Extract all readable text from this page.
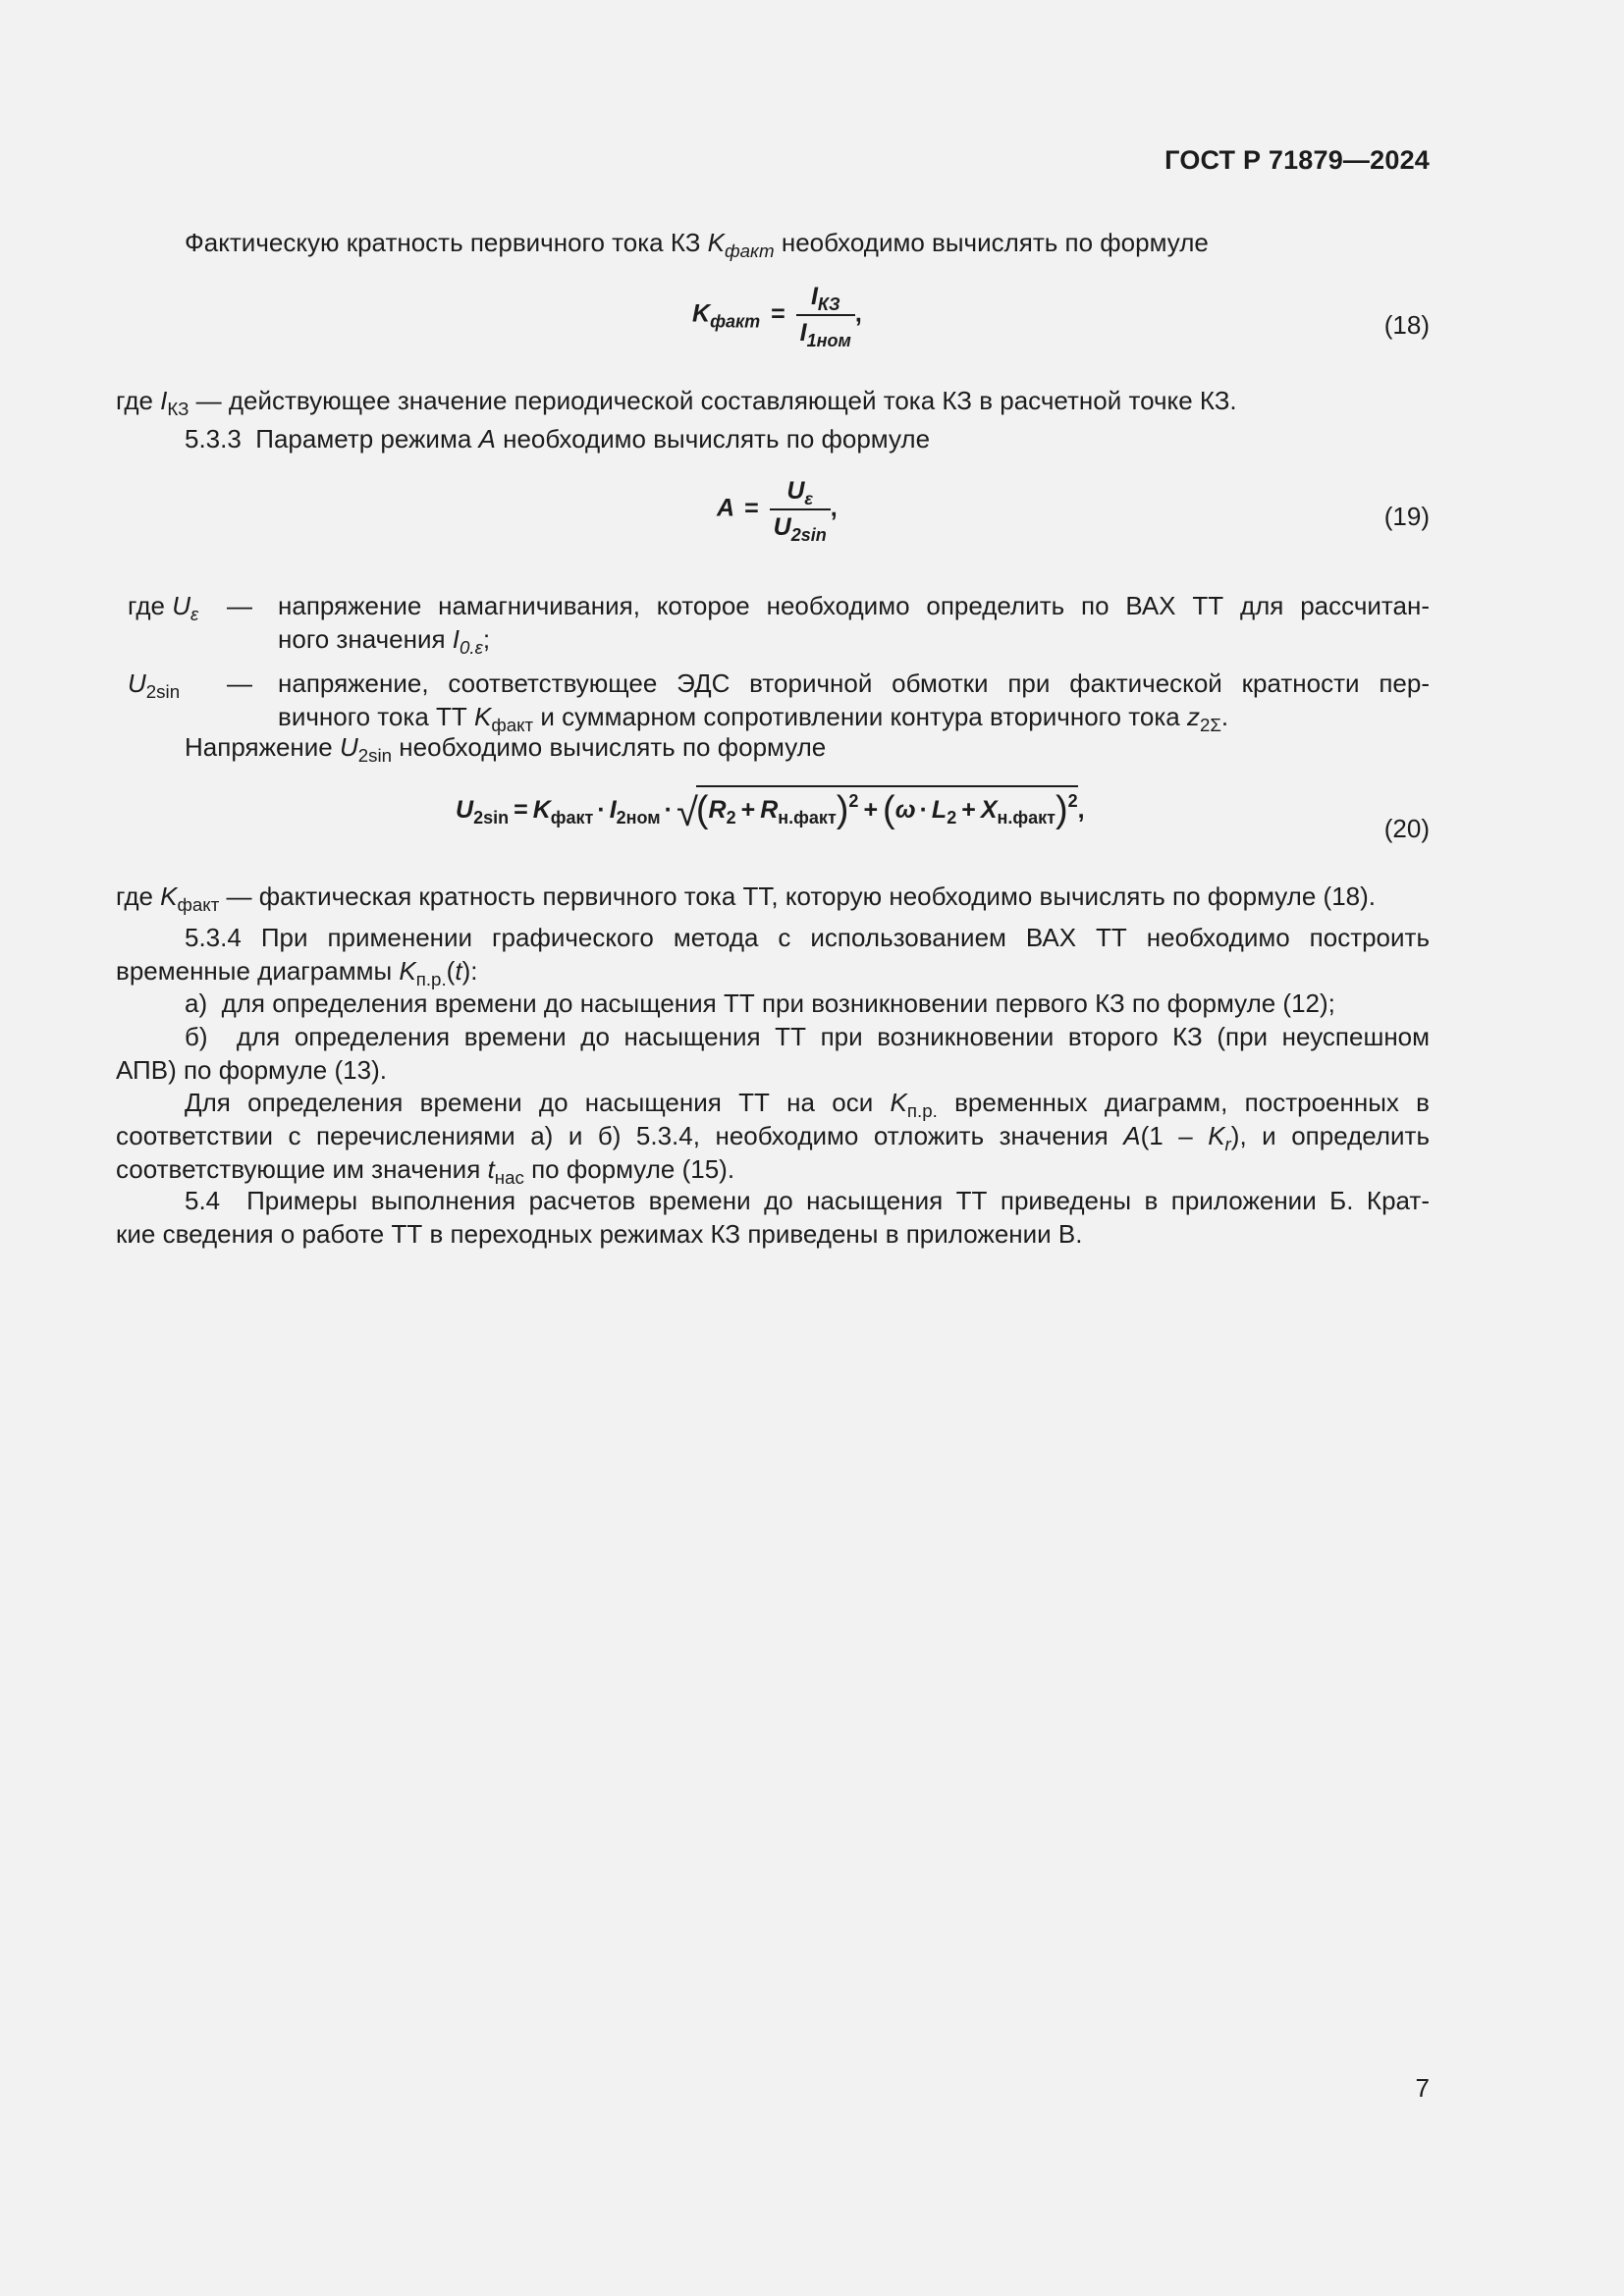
ГОСТ Р 71879—2024
Фактическую кратность первичного тока КЗ $K_{факт}$ необходимо вычислять по формуле
$K_{факт} = \frac{I_{КЗ}}{I_{1ном}}$ ,	(18)
где $I_{КЗ}$ — действующее значение периодической составляющей тока КЗ в расчетной точке КЗ.
5.3.3 Параметр режима A необходимо вычислять по формуле
$A = \frac{U_\varepsilon}{U_{2sin}}$ ,	(19)
где $U_\varepsilon$ — напряжение намагничивания, которое необходимо определить по ВАХ ТТ для рассчитан-
ного значения $I_{0.\varepsilon}$;
$U_{2sin}$ — напряжение, соответствующее ЭДС вторичной обмотки при фактической кратности пер-
вичного тока ТТ $K_{факт}$ и суммарном сопротивлении контура вторичного тока $z_{2\Sigma}$.
Напряжение $U_{2sin}$ необходимо вычислять по формуле
$U_{2sin} = K_{факт} \cdot I_{2ном} \cdot √(R_2 + R_{н.факт})^2 + (\omega \cdot L_2 + X_{н.факт})^2$,
(20)
где $K_{факт}$ — фактическая кратность первичного тока ТТ, которую необходимо вычислять по формуле (18).
5.3.4 При применении графического метода с использованием ВАХ ТТ необходимо построить
временные диаграммы $K_{п.р.}(t)$:
а) для определения времени до насыщения ТТ при возникновении первого КЗ по формуле (12);
б) для определения времени до насыщения ТТ при возникновении второго КЗ (при неуспешном
АПВ) по формуле (13).
Для определения времени до насыщения ТТ на оси $K_{п.р.}$ временных диаграмм, построенных в
соответствии с перечислениями а) и б) 5.3.4, необходимо отложить значения $A(1 - K_r)$, и определить
соответствующие им значения $t_{нас}$ по формуле (15).
5.4 Примеры выполнения расчетов времени до насыщения ТТ приведены в приложении Б. Крат-
кие сведения о работе ТТ в переходных режимах КЗ приведены в приложении В.
7
